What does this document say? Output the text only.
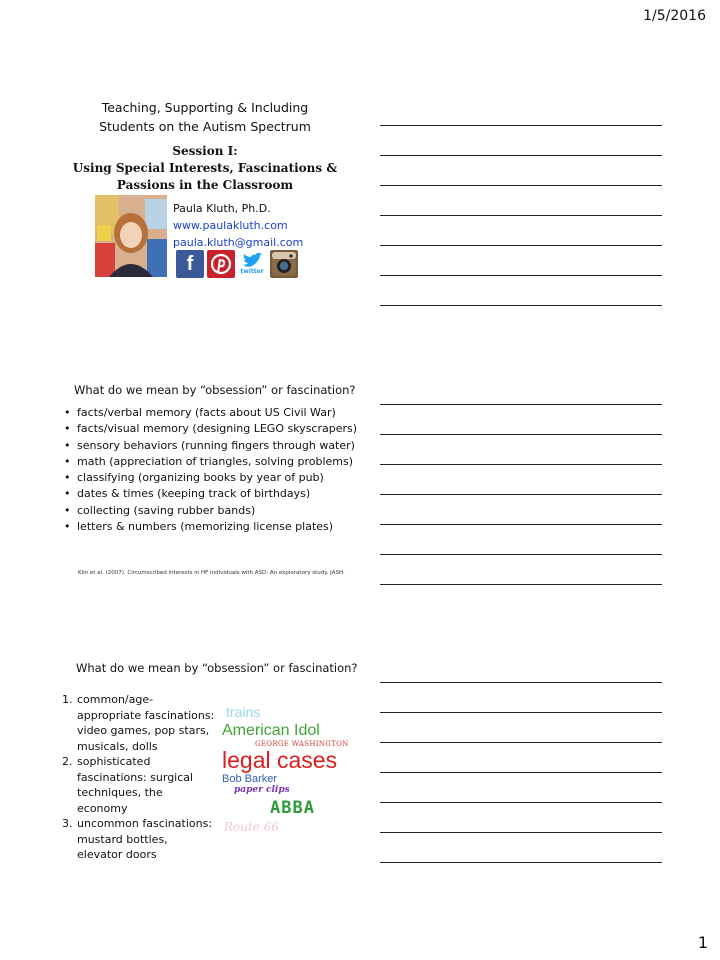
1/5/2016
Teaching, Supporting & Including
Students on the Autism Spectrum
Session I:
Using Special Interests, Fascinations &
Passions in the Classroom
Paula Kluth, Ph.D.
www.paulakluth.com
paula.kluth@gmail.com
f	twitter
What do we mean by “obsession” or fascination?
• facts/verbal memory (facts about US Civil War)
• facts/visual memory (designing LEGO skyscrapers)
• sensory behaviors (running fingers through water)
• math (appreciation of triangles, solving problems)
• classifying (organizing books by year of pub)
• dates & times (keeping track of birthdays)
• collecting (saving rubber bands)
• letters & numbers (memorizing license plates)
Klin et al. (2007). Circumscribed interests in HF individuals with ASD: An exploratory study. JASH.
What do we mean by “obsession” or fascination?
1. common/age-appropriate fascinations: video games, pop stars, musicals, dolls
2. sophisticated fascinations: surgical techniques, the economy
3. uncommon fascinations: mustard bottles, elevator doors
trains
American Idol
GEORGE WASHINGTON
legal cases
Bob Barker
paper clips
ABBA
Route 66
1
